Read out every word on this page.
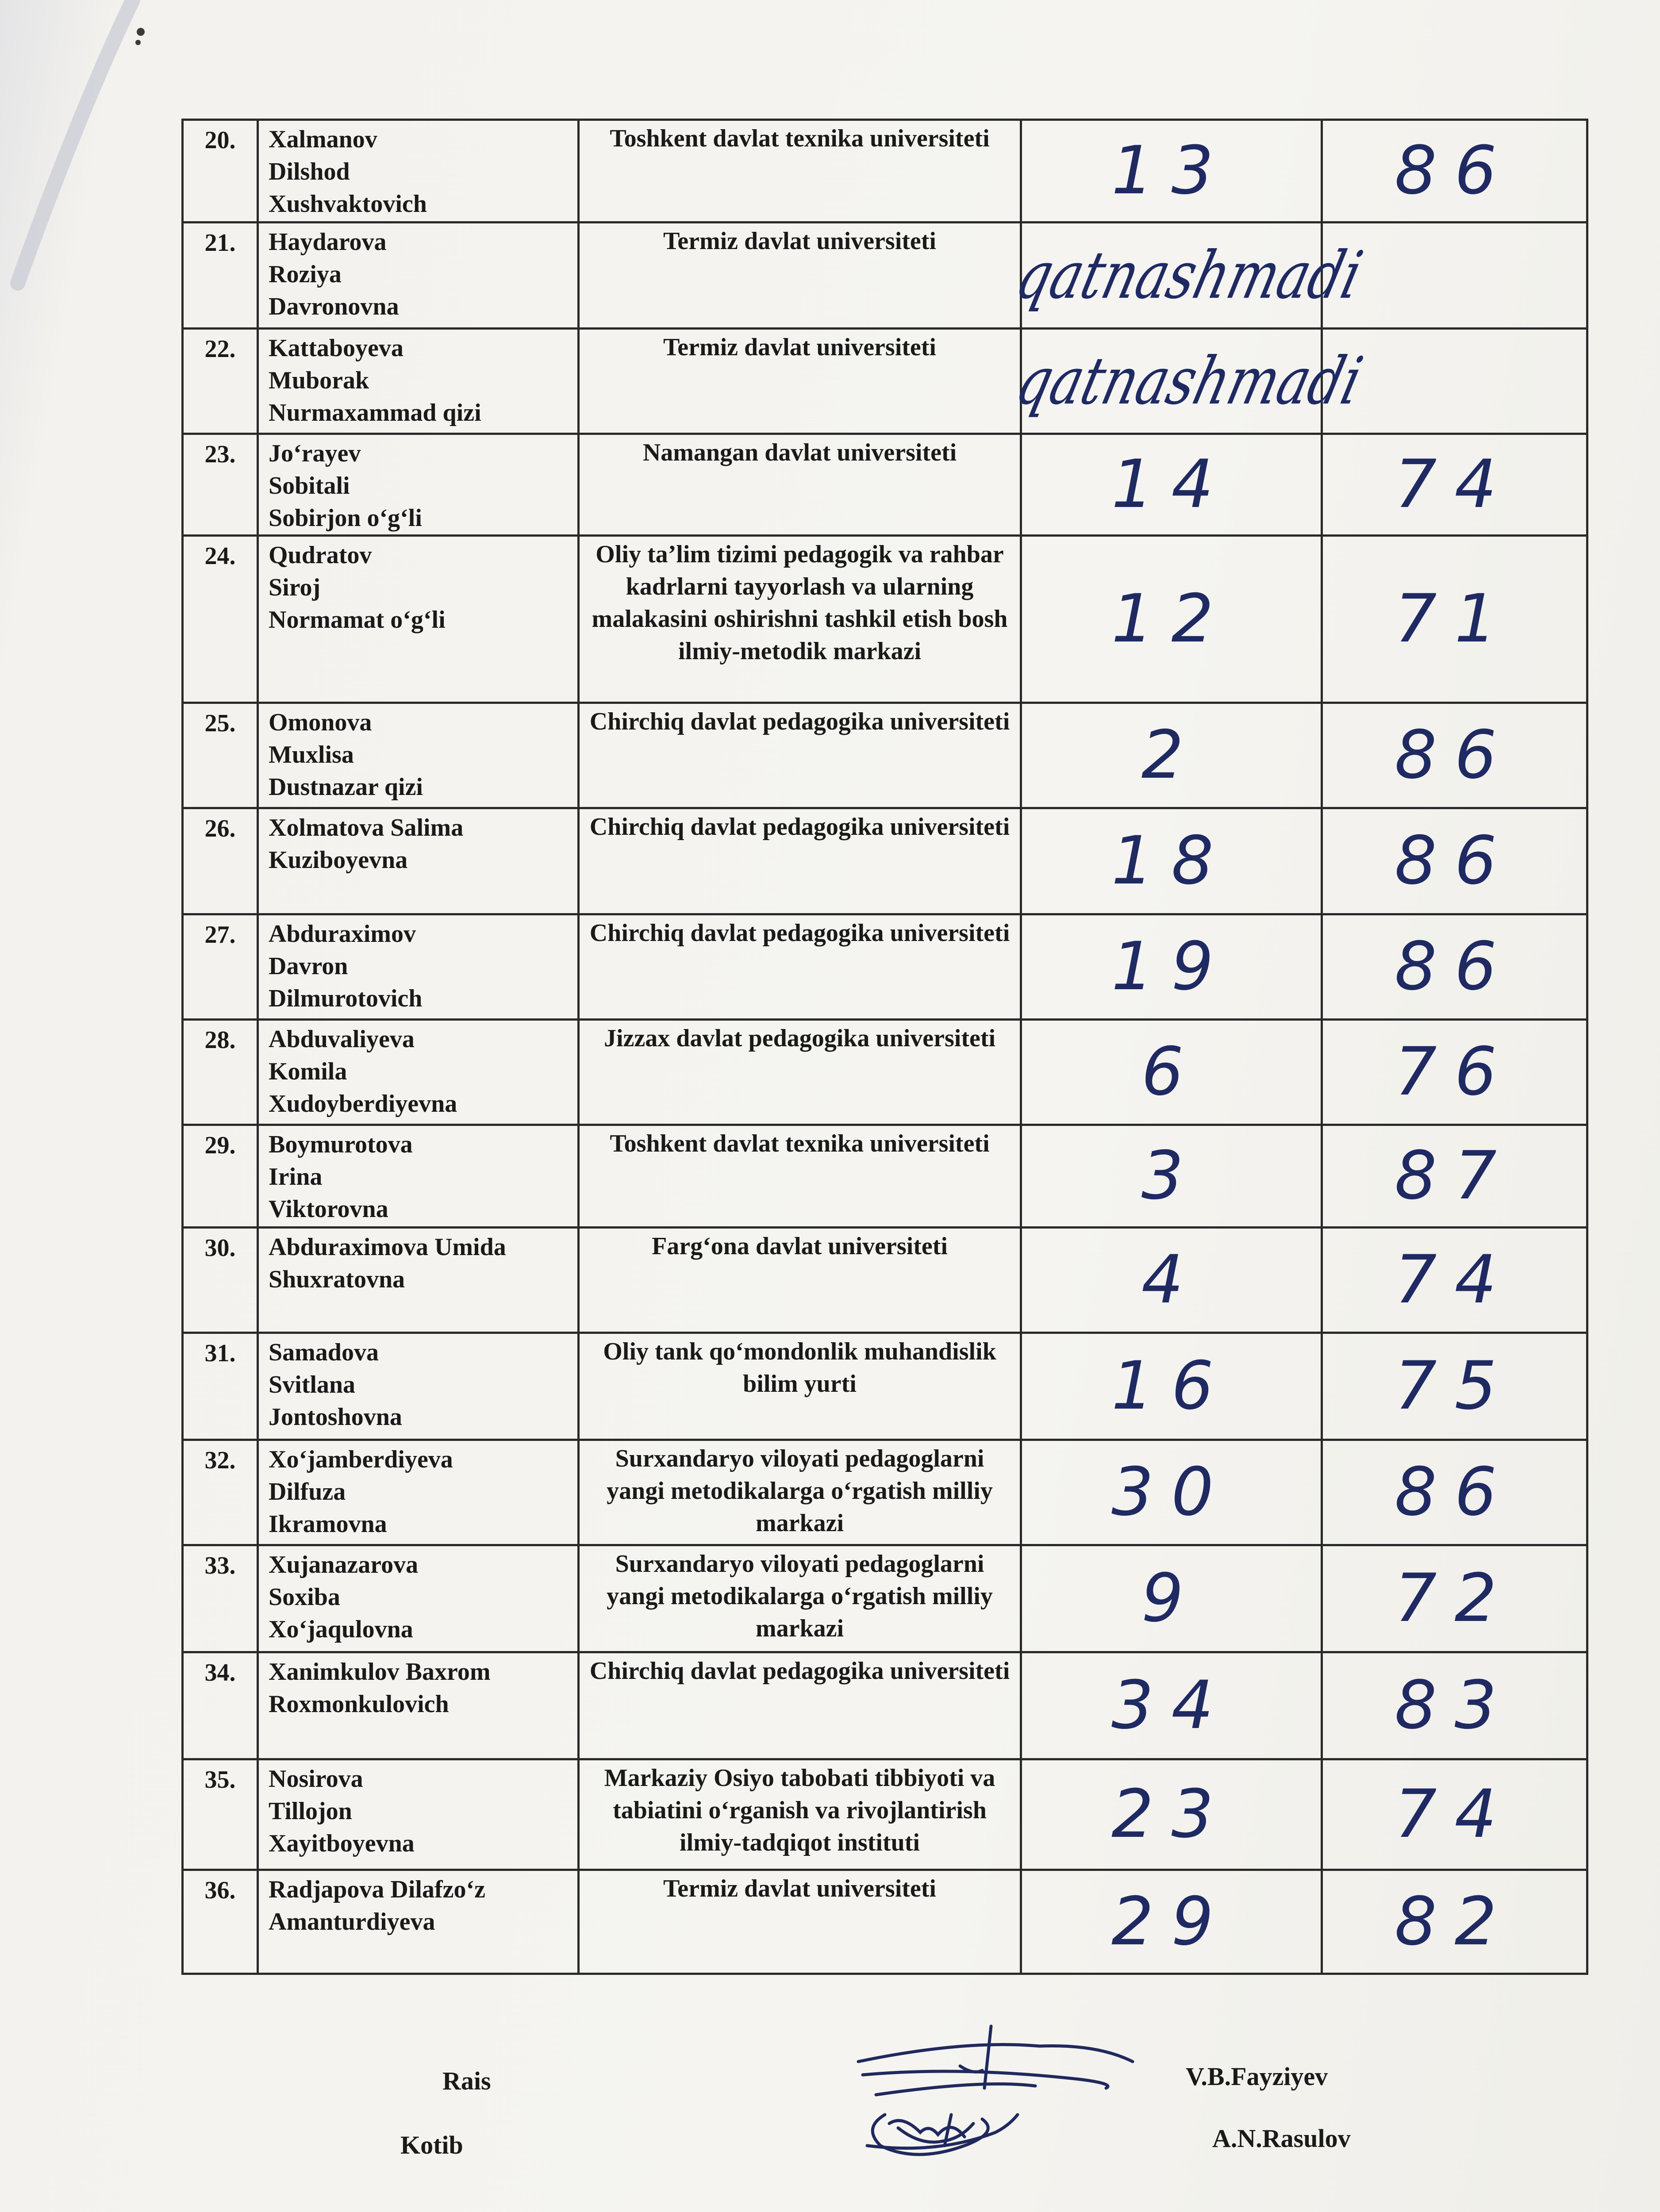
20.	Xalmanov
Dilshod
Xushvaktovich	Toshkent davlat texnika universiteti	13	86
21.	Haydarova
Roziya
Davronovna	Termiz davlat universiteti	qatnashmadi	

22.	Kattaboyeva
Muborak
Nurmaxammad qizi	Termiz davlat universiteti	qatnashmadi	

23.	Jo‘rayev
Sobitali
Sobirjon o‘g‘li	Namangan davlat universiteti	14	74
24.	Qudratov
Siroj
Normamat o‘g‘li	Oliy ta’lim tizimi pedagogik va rahbar kadrlarni tayyorlash va ularning malakasini oshirishni tashkil etish bosh ilmiy-metodik markazi	12	71
25.	Omonova
Muxlisa
Dustnazar qizi	Chirchiq davlat pedagogika universiteti	2	86
26.	Xolmatova Salima
Kuziboyevna	Chirchiq davlat pedagogika universiteti	18	86
27.	Abduraximov
Davron
Dilmurotovich	Chirchiq davlat pedagogika universiteti	19	86
28.	Abduvaliyeva
Komila
Xudoyberdiyevna	Jizzax davlat pedagogika universiteti	6	76
29.	Boymurotova
Irina
Viktorovna	Toshkent davlat texnika universiteti	3	87
30.	Abduraximova Umida
Shuxratovna	Farg‘ona davlat universiteti	4	74
31.	Samadova
Svitlana
Jontoshovna	Oliy tank qo‘mondonlik muhandislik bilim yurti	16	75
32.	Xo‘jamberdiyeva
Dilfuza
Ikramovna	Surxandaryo viloyati pedagoglarni yangi metodikalarga o‘rgatish milliy markazi	30	86
33.	Xujanazarova
Soxiba
Xo‘jaqulovna	Surxandaryo viloyati pedagoglarni yangi metodikalarga o‘rgatish milliy markazi	9	72
34.	Xanimkulov Baxrom
Roxmonkulovich	Chirchiq davlat pedagogika universiteti	34	83
35.	Nosirova
Tillojon
Xayitboyevna	Markaziy Osiyo tabobati tibbiyoti va tabiatini o‘rganish va rivojlantirish ilmiy-tadqiqot instituti	23	74
36.	Radjapova Dilafzo‘z
Amanturdiyeva	Termiz davlat universiteti	29	82
Rais	V.B.Fayziyev
Kotib	A.N.Rasulov
